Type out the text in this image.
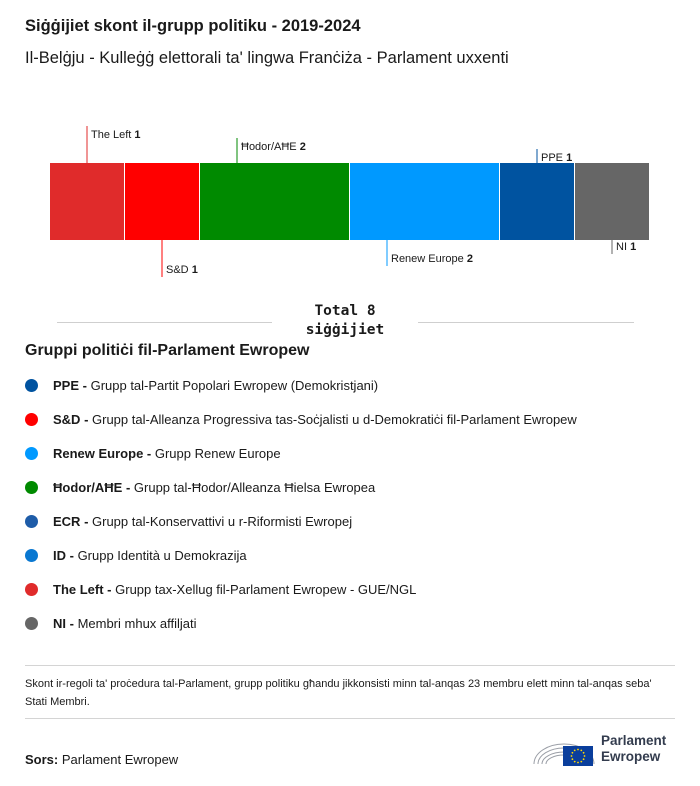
Siġġijiet skont il-grupp politiku - 2019-2024
Il-Belġju - Kulleġġ elettorali ta' lingwa Franċiża - Parlament uxxenti
The Left 1
S&D 1
Ħodor/AĦE 2
Renew Europe 2
PPE 1
NI 1
Total 8 siġġijiet
Gruppi politiċi fil-Parlament Ewropew
PPE - Grupp tal-Partit Popolari Ewropew (Demokristjani)
S&D - Grupp tal-Alleanza Progressiva tas-Soċjalisti u d-Demokratiċi fil-Parlament Ewropew
Renew Europe - Grupp Renew Europe
Ħodor/AĦE - Grupp tal-Ħodor/Alleanza Ħielsa Ewropea
ECR - Grupp tal-Konservattivi u r-Riformisti Ewropej
ID - Grupp Identità u Demokrazija
The Left - Grupp tax-Xellug fil-Parlament Ewropew - GUE/NGL
NI - Membri mhux affiljati
Skont ir-regoli ta' proċedura tal-Parlament, grupp politiku għandu jikkonsisti minn tal-anqas 23 membru elett minn tal-anqas seba' Stati Membri.
Sors: Parlament Ewropew
Parlament
Ewropew
